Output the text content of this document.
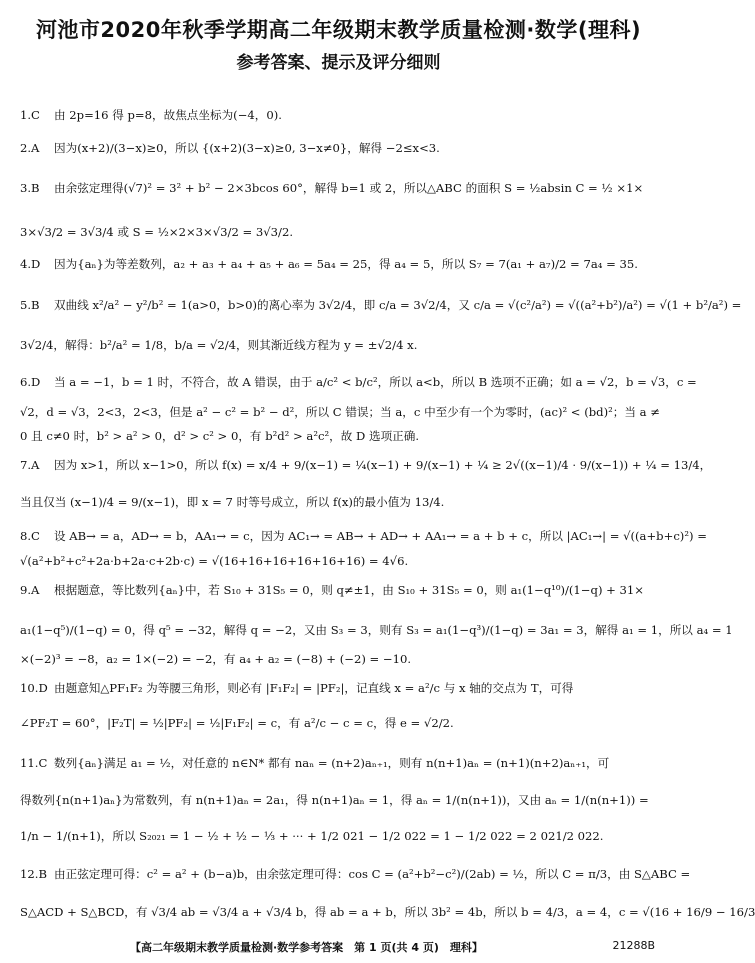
河池市2020年秋季学期高二年级期末教学质量检测·数学(理科)
参考答案、提示及评分细则
1.C 由 2p=16 得 p=8，故焦点坐标为(−4，0).
2.A 因为(x+2)/(3−x)≥0，所以 {(x+2)(3−x)≥0, 3−x≠0}，解得 −2≤x<3.
3.B 由余弦定理得(√7)² = 3² + b² − 2×3bcos 60°，解得 b=1 或 2，所以△ABC 的面积 S = ½absin C = ½ ×1×
3×√3/2 = 3√3/4 或 S = ½×2×3×√3/2 = 3√3/2.
4.D 因为{aₙ}为等差数列，a₂ + a₃ + a₄ + a₅ + a₆ = 5a₄ = 25，得 a₄ = 5，所以 S₇ = 7(a₁ + a₇)/2 = 7a₄ = 35.
5.B 双曲线 x²/a² − y²/b² = 1(a>0，b>0)的离心率为 3√2/4，即 c/a = 3√2/4，又 c/a = √(c²/a²) = √((a²+b²)/a²) = √(1 + b²/a²) =
3√2/4，解得：b²/a² = 1/8，b/a = √2/4，则其渐近线方程为 y = ±√2/4 x.
6.D 当 a = −1，b = 1 时，不符合，故 A 错误，由于 a/c² < b/c²，所以 a<b，所以 B 选项不正确；如 a = √2，b = √3，c =
√2，d = √3，2<3，2<3，但是 a² − c² = b² − d²，所以 C 错误；当 a，c 中至少有一个为零时，(ac)² < (bd)²；当 a ≠
0 且 c≠0 时，b² > a² > 0，d² > c² > 0，有 b²d² > a²c²，故 D 选项正确.
7.A 因为 x>1，所以 x−1>0，所以 f(x) = x/4 + 9/(x−1) = ¼(x−1) + 9/(x−1) + ¼ ≥ 2√((x−1)/4 · 9/(x−1)) + ¼ = 13/4，
当且仅当 (x−1)/4 = 9/(x−1)，即 x = 7 时等号成立，所以 f(x)的最小值为 13/4.
8.C 设 AB→ = a，AD→ = b，AA₁→ = c，因为 AC₁→ = AB→ + AD→ + AA₁→ = a + b + c，所以 |AC₁→| = √((a+b+c)²) =
√(a²+b²+c²+2a·b+2a·c+2b·c) = √(16+16+16+16+16+16) = 4√6.
9.A 根据题意，等比数列{aₙ}中，若 S₁₀ + 31S₅ = 0，则 q≠±1，由 S₁₀ + 31S₅ = 0，则 a₁(1−q¹⁰)/(1−q) + 31×
a₁(1−q⁵)/(1−q) = 0，得 q⁵ = −32，解得 q = −2，又由 S₃ = 3，则有 S₃ = a₁(1−q³)/(1−q) = 3a₁ = 3，解得 a₁ = 1，所以 a₄ = 1
×(−2)³ = −8，a₂ = 1×(−2) = −2，有 a₄ + a₂ = (−8) + (−2) = −10.
10.D 由题意知△PF₁F₂ 为等腰三角形，则必有 |F₁F₂| = |PF₂|，记直线 x = a²/c 与 x 轴的交点为 T，可得
∠PF₂T = 60°，|F₂T| = ½|PF₂| = ½|F₁F₂| = c，有 a²/c − c = c，得 e = √2/2.
11.C 数列{aₙ}满足 a₁ = ½，对任意的 n∈N* 都有 naₙ = (n+2)aₙ₊₁，则有 n(n+1)aₙ = (n+1)(n+2)aₙ₊₁，可
得数列{n(n+1)aₙ}为常数列，有 n(n+1)aₙ = 2a₁，得 n(n+1)aₙ = 1，得 aₙ = 1/(n(n+1))，又由 aₙ = 1/(n(n+1)) =
1/n − 1/(n+1)，所以 S₂₀₂₁ = 1 − ½ + ½ − ⅓ + ··· + 1/2 021 − 1/2 022 = 1 − 1/2 022 = 2 021/2 022.
12.B 由正弦定理可得：c² = a² + (b−a)b，由余弦定理可得：cos C = (a²+b²−c²)/(2ab) = ½，所以 C = π/3，由 S△ABC =
S△ACD + S△BCD，有 √3/4 ab = √3/4 a + √3/4 b，得 ab = a + b，所以 3b² = 4b，所以 b = 4/3，a = 4，c = √(16 + 16/9 − 16/3
【高二年级期末教学质量检测·数学参考答案　第 1 页(共 4 页)　理科】	21288B
